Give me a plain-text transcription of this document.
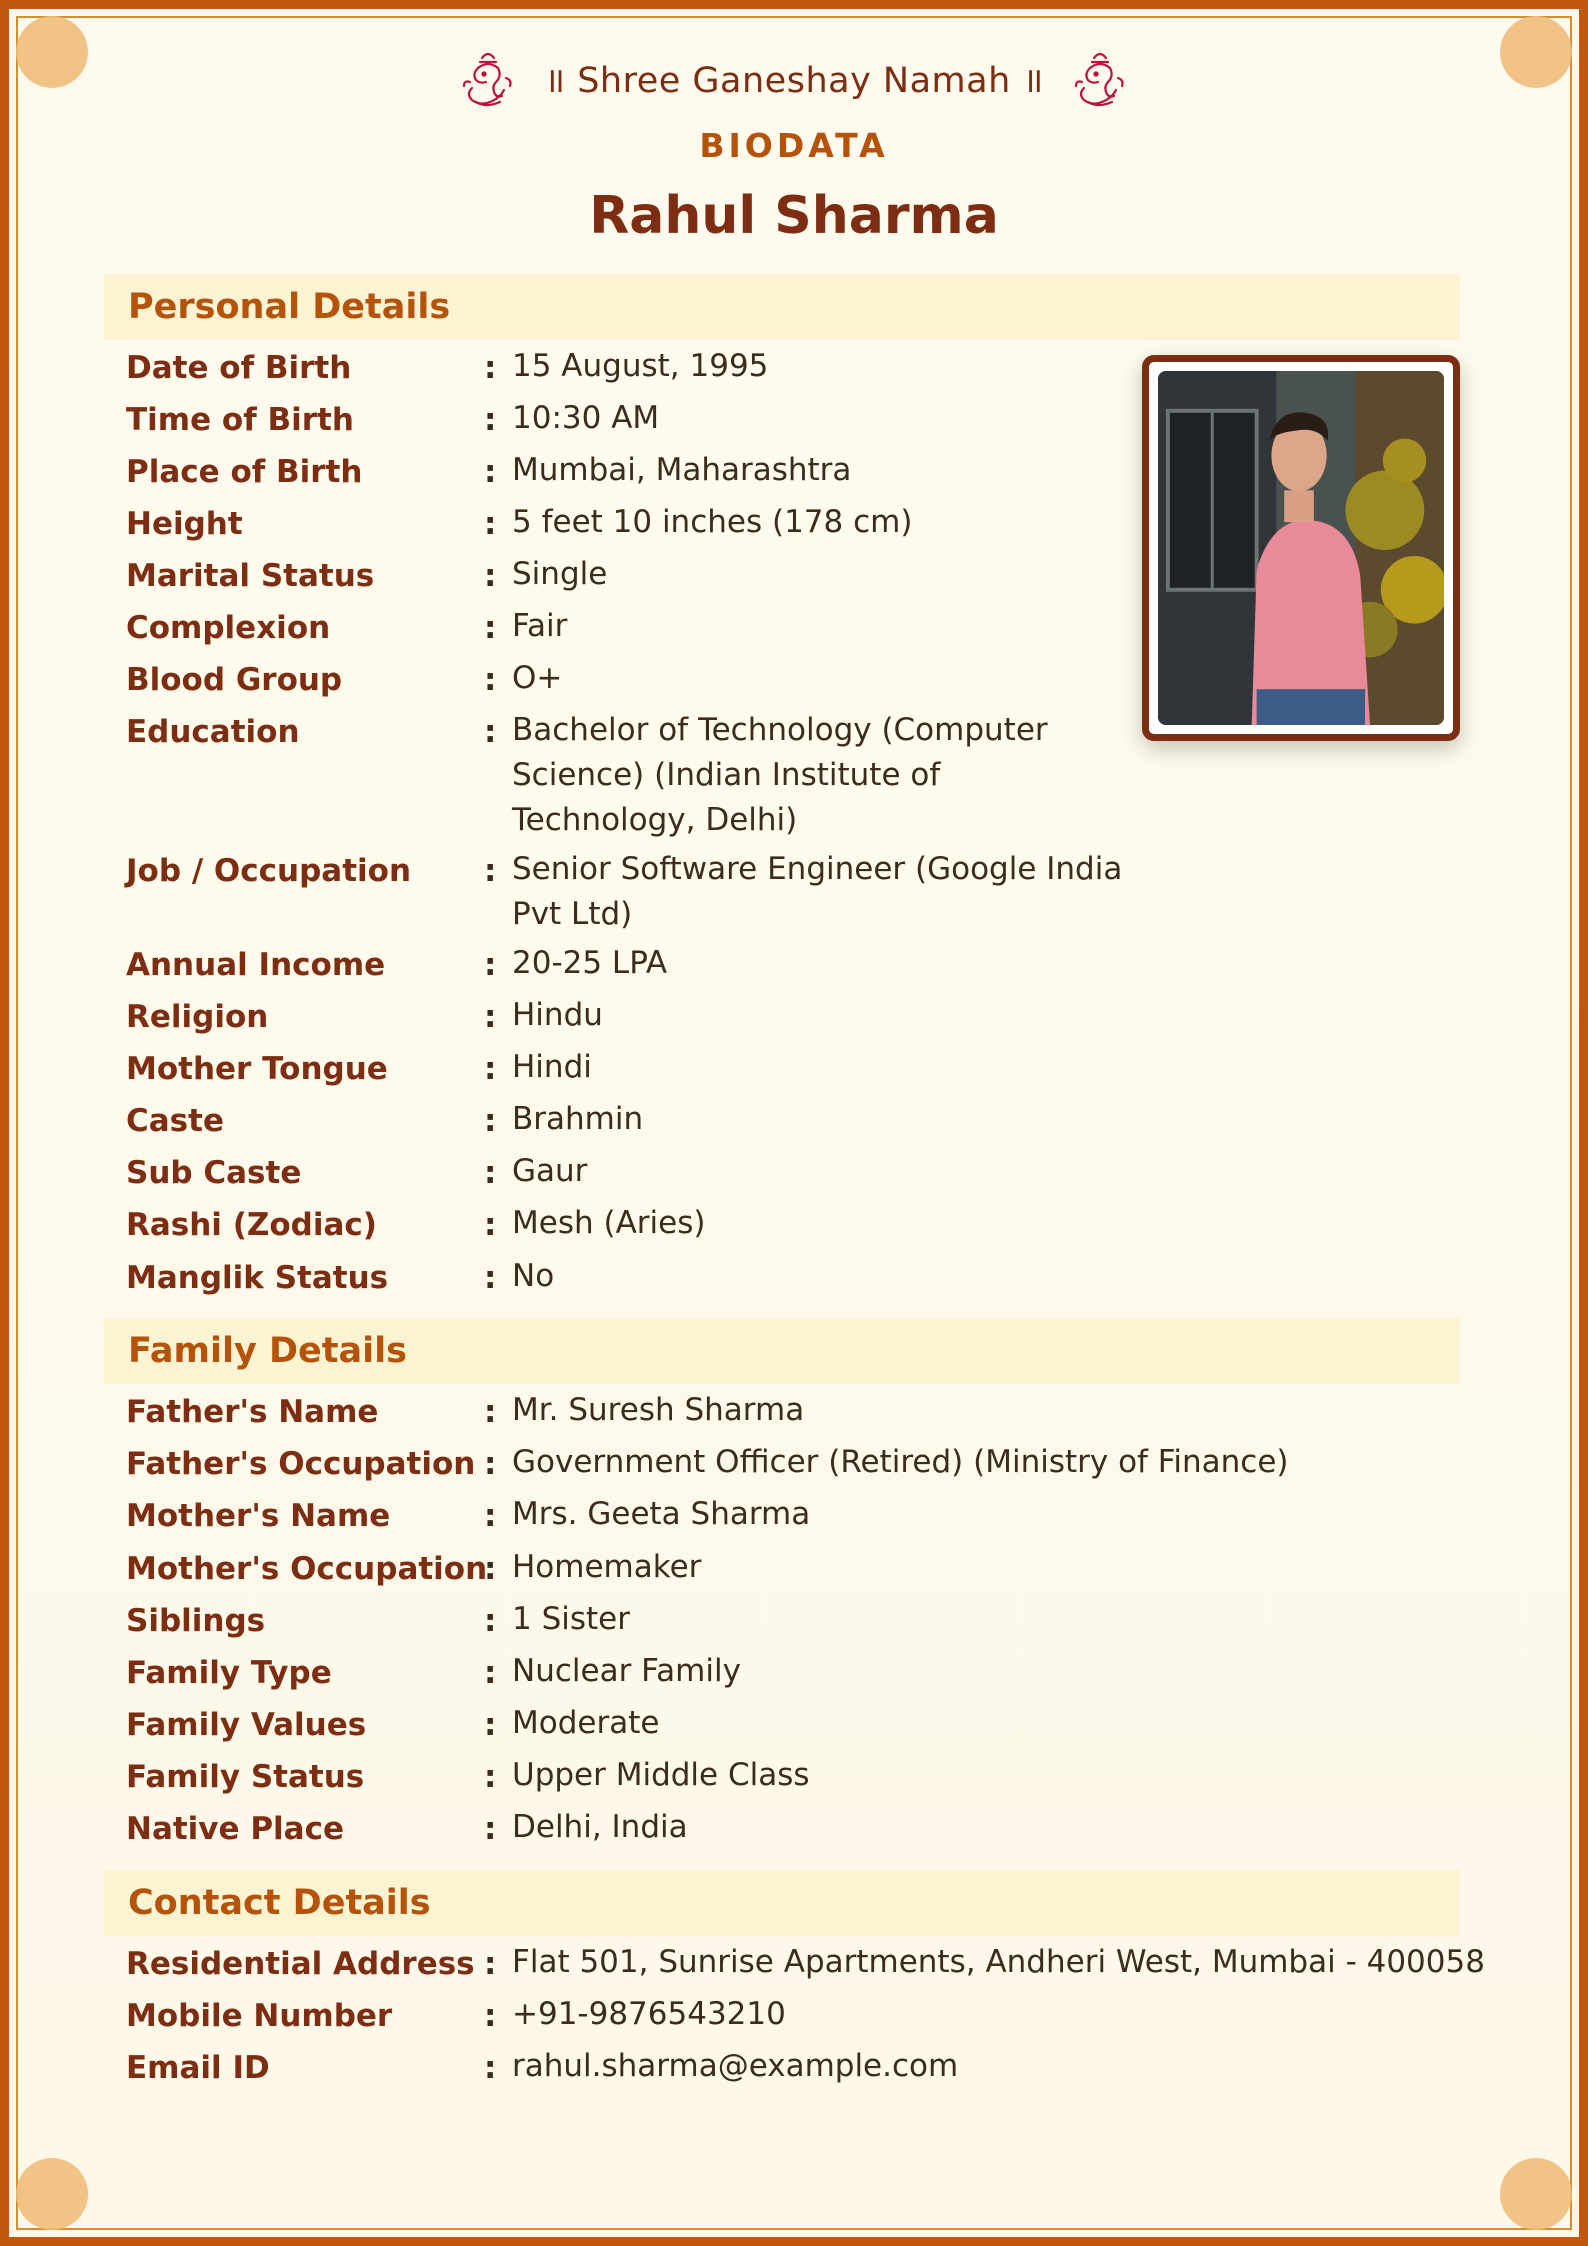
॥ Shree Ganeshay Namah ॥
BIODATA
Rahul Sharma
Personal Details
Date of Birth	: 15 August, 1995
Time of Birth	: 10:30 AM
Place of Birth	: Mumbai, Maharashtra
Height	: 5 feet 10 inches (178 cm)
Marital Status	: Single
Complexion	: Fair
Blood Group	: O+
Education	: Bachelor of Technology (Computer Science) (Indian Institute of Technology, Delhi)
Job / Occupation	: Senior Software Engineer (Google India Pvt Ltd)
Annual Income	: 20-25 LPA
Religion	: Hindu
Mother Tongue	: Hindi
Caste	: Brahmin
Sub Caste	: Gaur
Rashi (Zodiac)	: Mesh (Aries)
Manglik Status	: No
Family Details
Father's Name	: Mr. Suresh Sharma
Father's Occupation : Government Officer (Retired) (Ministry of Finance)
Mother's Name	: Mrs. Geeta Sharma
Mother's Occupation
: Homemaker
Siblings	: 1 Sister
Family Type	: Nuclear Family
Family Values	: Moderate
Family Status	: Upper Middle Class
Native Place	: Delhi, India
Contact Details
Residential Address : Flat 501, Sunrise Apartments, Andheri West, Mumbai - 400058
Mobile Number	: +91-9876543210
Email ID	: rahul.sharma@example.com
